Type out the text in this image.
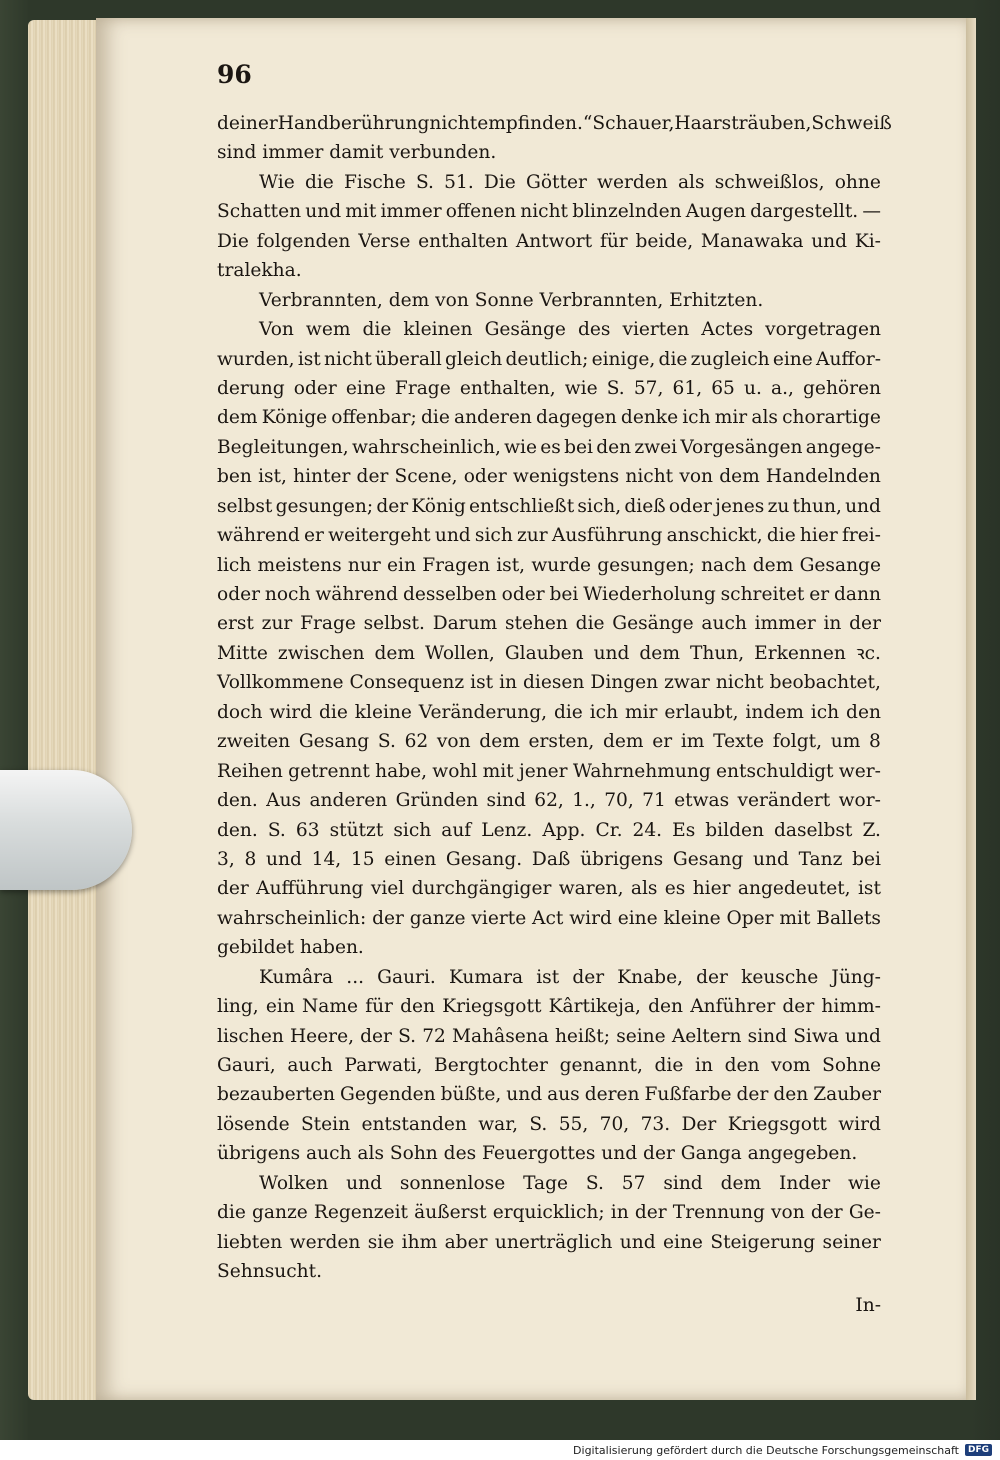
96
deiner Handberührung nicht empfinden.“ Schauer, Haarsträuben, Schweiß
sind immer damit verbunden.
Wie die Fische S. 51. Die Götter werden als schweißlos, ohne
Schatten und mit immer offenen nicht blinzelnden Augen dargestellt. —
Die folgenden Verse enthalten Antwort für beide, Manawaka und Ki-
tralekha.
Verbrannten, dem von Sonne Verbrannten, Erhitzten.
Von wem die kleinen Gesänge des vierten Actes vorgetragen
wurden, ist nicht überall gleich deutlich; einige, die zugleich eine Auffor-
derung oder eine Frage enthalten, wie S. 57, 61, 65 u. a., gehören
dem Könige offenbar; die anderen dagegen denke ich mir als chorartige
Begleitungen, wahrscheinlich, wie es bei den zwei Vorgesängen angege-
ben ist, hinter der Scene, oder wenigstens nicht von dem Handelnden
selbst gesungen; der König entschließt sich, dieß oder jenes zu thun, und
während er weitergeht und sich zur Ausführung anschickt, die hier frei-
lich meistens nur ein Fragen ist, wurde gesungen; nach dem Gesange
oder noch während desselben oder bei Wiederholung schreitet er dann
erst zur Frage selbst. Darum stehen die Gesänge auch immer in der
Mitte zwischen dem Wollen, Glauben und dem Thun, Erkennen ꝛc.
Vollkommene Consequenz ist in diesen Dingen zwar nicht beobachtet,
doch wird die kleine Veränderung, die ich mir erlaubt, indem ich den
zweiten Gesang S. 62 von dem ersten, dem er im Texte folgt, um 8
Reihen getrennt habe, wohl mit jener Wahrnehmung entschuldigt wer-
den. Aus anderen Gründen sind 62, 1., 70, 71 etwas verändert wor-
den. S. 63 stützt sich auf Lenz. App. Cr. 24. Es bilden daselbst Z.
3, 8 und 14, 15 einen Gesang. Daß übrigens Gesang und Tanz bei
der Aufführung viel durchgängiger waren, als es hier angedeutet, ist
wahrscheinlich: der ganze vierte Act wird eine kleine Oper mit Ballets
gebildet haben.
Kumâra ... Gauri. Kumara ist der Knabe, der keusche Jüng-
ling, ein Name für den Kriegsgott Kârtikeja, den Anführer der himm-
lischen Heere, der S. 72 Mahâsena heißt; seine Aeltern sind Siwa und
Gauri, auch Parwati, Bergtochter genannt, die in den vom Sohne
bezauberten Gegenden büßte, und aus deren Fußfarbe der den Zauber
lösende Stein entstanden war, S. 55, 70, 73. Der Kriegsgott wird
übrigens auch als Sohn des Feuergottes und der Ganga angegeben.
Wolken und sonnenlose Tage S. 57 sind dem Inder wie
die ganze Regenzeit äußerst erquicklich; in der Trennung von der Ge-
liebten werden sie ihm aber unerträglich und eine Steigerung seiner
Sehnsucht.
In-
Digitalisierung gefördert durch die Deutsche Forschungsgemeinschaft	DFG
